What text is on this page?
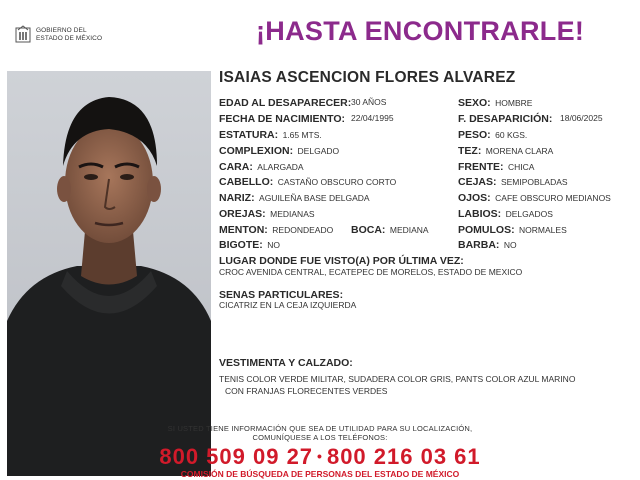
GOBIERNO DEL
ESTADO DE MÉXICO	¡HASTA ENCONTRARLE!
ISAIAS ASCENCION FLORES ALVAREZ
EDAD AL DESAPARECER: 30 AÑOS
FECHA DE NACIMIENTO: 22/04/1995
ESTATURA: 1.65 MTS.
COMPLEXION: DELGADO
CARA: ALARGADA
CABELLO: CASTAÑO OBSCURO CORTO
NARIZ: AGUILEÑA BASE DELGADA
OREJAS: MEDIANAS
MENTON: REDONDEADO BOCA: MEDIANA
BIGOTE: NO
SEXO: HOMBRE
F. DESAPARICIÓN: 18/06/2025
PESO: 60 KGS.
TEZ: MORENA CLARA
FRENTE: CHICA
CEJAS: SEMIPOBLADAS
OJOS: CAFE OBSCURO MEDIANOS
LABIOS: DELGADOS
POMULOS: NORMALES
BARBA: NO
LUGAR DONDE FUE VISTO(A) POR ÚLTIMA VEZ:
CROC AVENIDA CENTRAL, ECATEPEC DE MORELOS, ESTADO DE MEXICO
SENAS PARTICULARES:
CICATRIZ EN LA CEJA IZQUIERDA
VESTIMENTA Y CALZADO:
TENIS COLOR VERDE MILITAR, SUDADERA COLOR GRIS, PANTS COLOR AZUL MARINO
CON FRANJAS FLORECENTES VERDES
SI USTED TIENE INFORMACIÓN QUE SEA DE UTILIDAD PARA SU LOCALIZACIÓN,
COMUNÍQUESE A LOS TELÉFONOS:
800 509 09 27 • 800 216 03 61
COMISIÓN DE BÚSQUEDA DE PERSONAS DEL ESTADO DE MÉXICO
